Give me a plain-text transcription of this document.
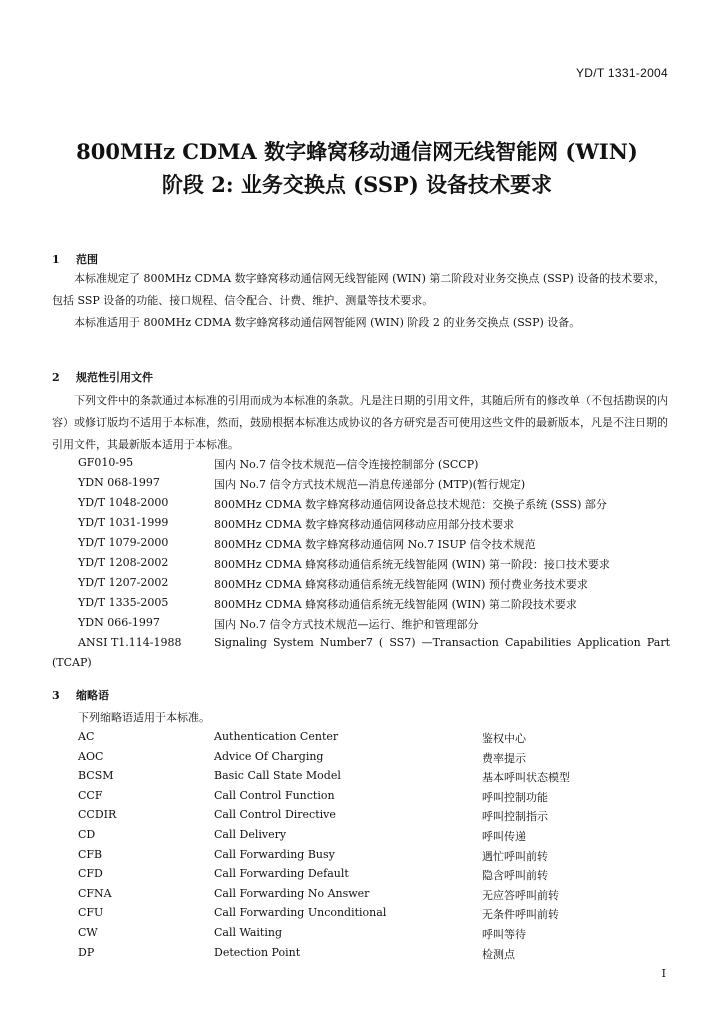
YD/T 1331-2004
800MHz CDMA 数字蜂窝移动通信网无线智能网 (WIN)
阶段 2: 业务交换点 (SSP) 设备技术要求
1 范围

本标准规定了 800MHz CDMA 数字蜂窝移动通信网无线智能网 (WIN) 第二阶段对业务交换点 (SSP) 设备的技术要求，包括 SSP 设备的功能、接口规程、信令配合、计费、维护、测量等技术要求。

本标准适用于 800MHz CDMA 数字蜂窝移动通信网智能网 (WIN) 阶段 2 的业务交换点 (SSP) 设备。

2 规范性引用文件

下列文件中的条款通过本标准的引用而成为本标准的条款。凡是注日期的引用文件，其随后所有的修改单（不包括勘误的内容）或修订版均不适用于本标准，然而，鼓励根据本标准达成协议的各方研究是否可使用这些文件的最新版本，凡是不注日期的引用文件，其最新版本适用于本标准。

GF010-95	国内 No.7 信令技术规范—信令连接控制部分 (SCCP)
YDN 068-1997	国内 No.7 信令方式技术规范—消息传递部分 (MTP)(暂行规定)
YD/T 1048-2000	800MHz CDMA 数字蜂窝移动通信网设备总技术规范：交换子系统 (SSS) 部分
YD/T 1031-1999	800MHz CDMA 数字蜂窝移动通信网移动应用部分技术要求
YD/T 1079-2000	800MHz CDMA 数字蜂窝移动通信网 No.7 ISUP 信令技术规范
YD/T 1208-2002	800MHz CDMA 蜂窝移动通信系统无线智能网 (WIN) 第一阶段：接口技术要求
YD/T 1207-2002	800MHz CDMA 蜂窝移动通信系统无线智能网 (WIN) 预付费业务技术要求
YD/T 1335-2005	800MHz CDMA 蜂窝移动通信系统无线智能网 (WIN) 第二阶段技术要求
YDN 066-1997	国内 No.7 信令方式技术规范—运行、维护和管理部分
ANSI T1.114-1988	Signaling System Number7 ( SS7) —Transaction Capabilities Application Part
(TCAP)
3 缩略语

下列缩略语适用于本标准。

AC	Authentication Center	鉴权中心
AOC	Advice Of Charging	费率提示
BCSM	Basic Call State Model	基本呼叫状态模型
CCF	Call Control Function	呼叫控制功能
CCDIR	Call Control Directive	呼叫控制指示
CD	Call Delivery	呼叫传递
CFB	Call Forwarding Busy	遇忙呼叫前转
CFD	Call Forwarding Default	隐含呼叫前转
CFNA	Call Forwarding No Answer	无应答呼叫前转
CFU	Call Forwarding Unconditional	无条件呼叫前转
CW	Call Waiting	呼叫等待
DP	Detection Point	检测点
I
